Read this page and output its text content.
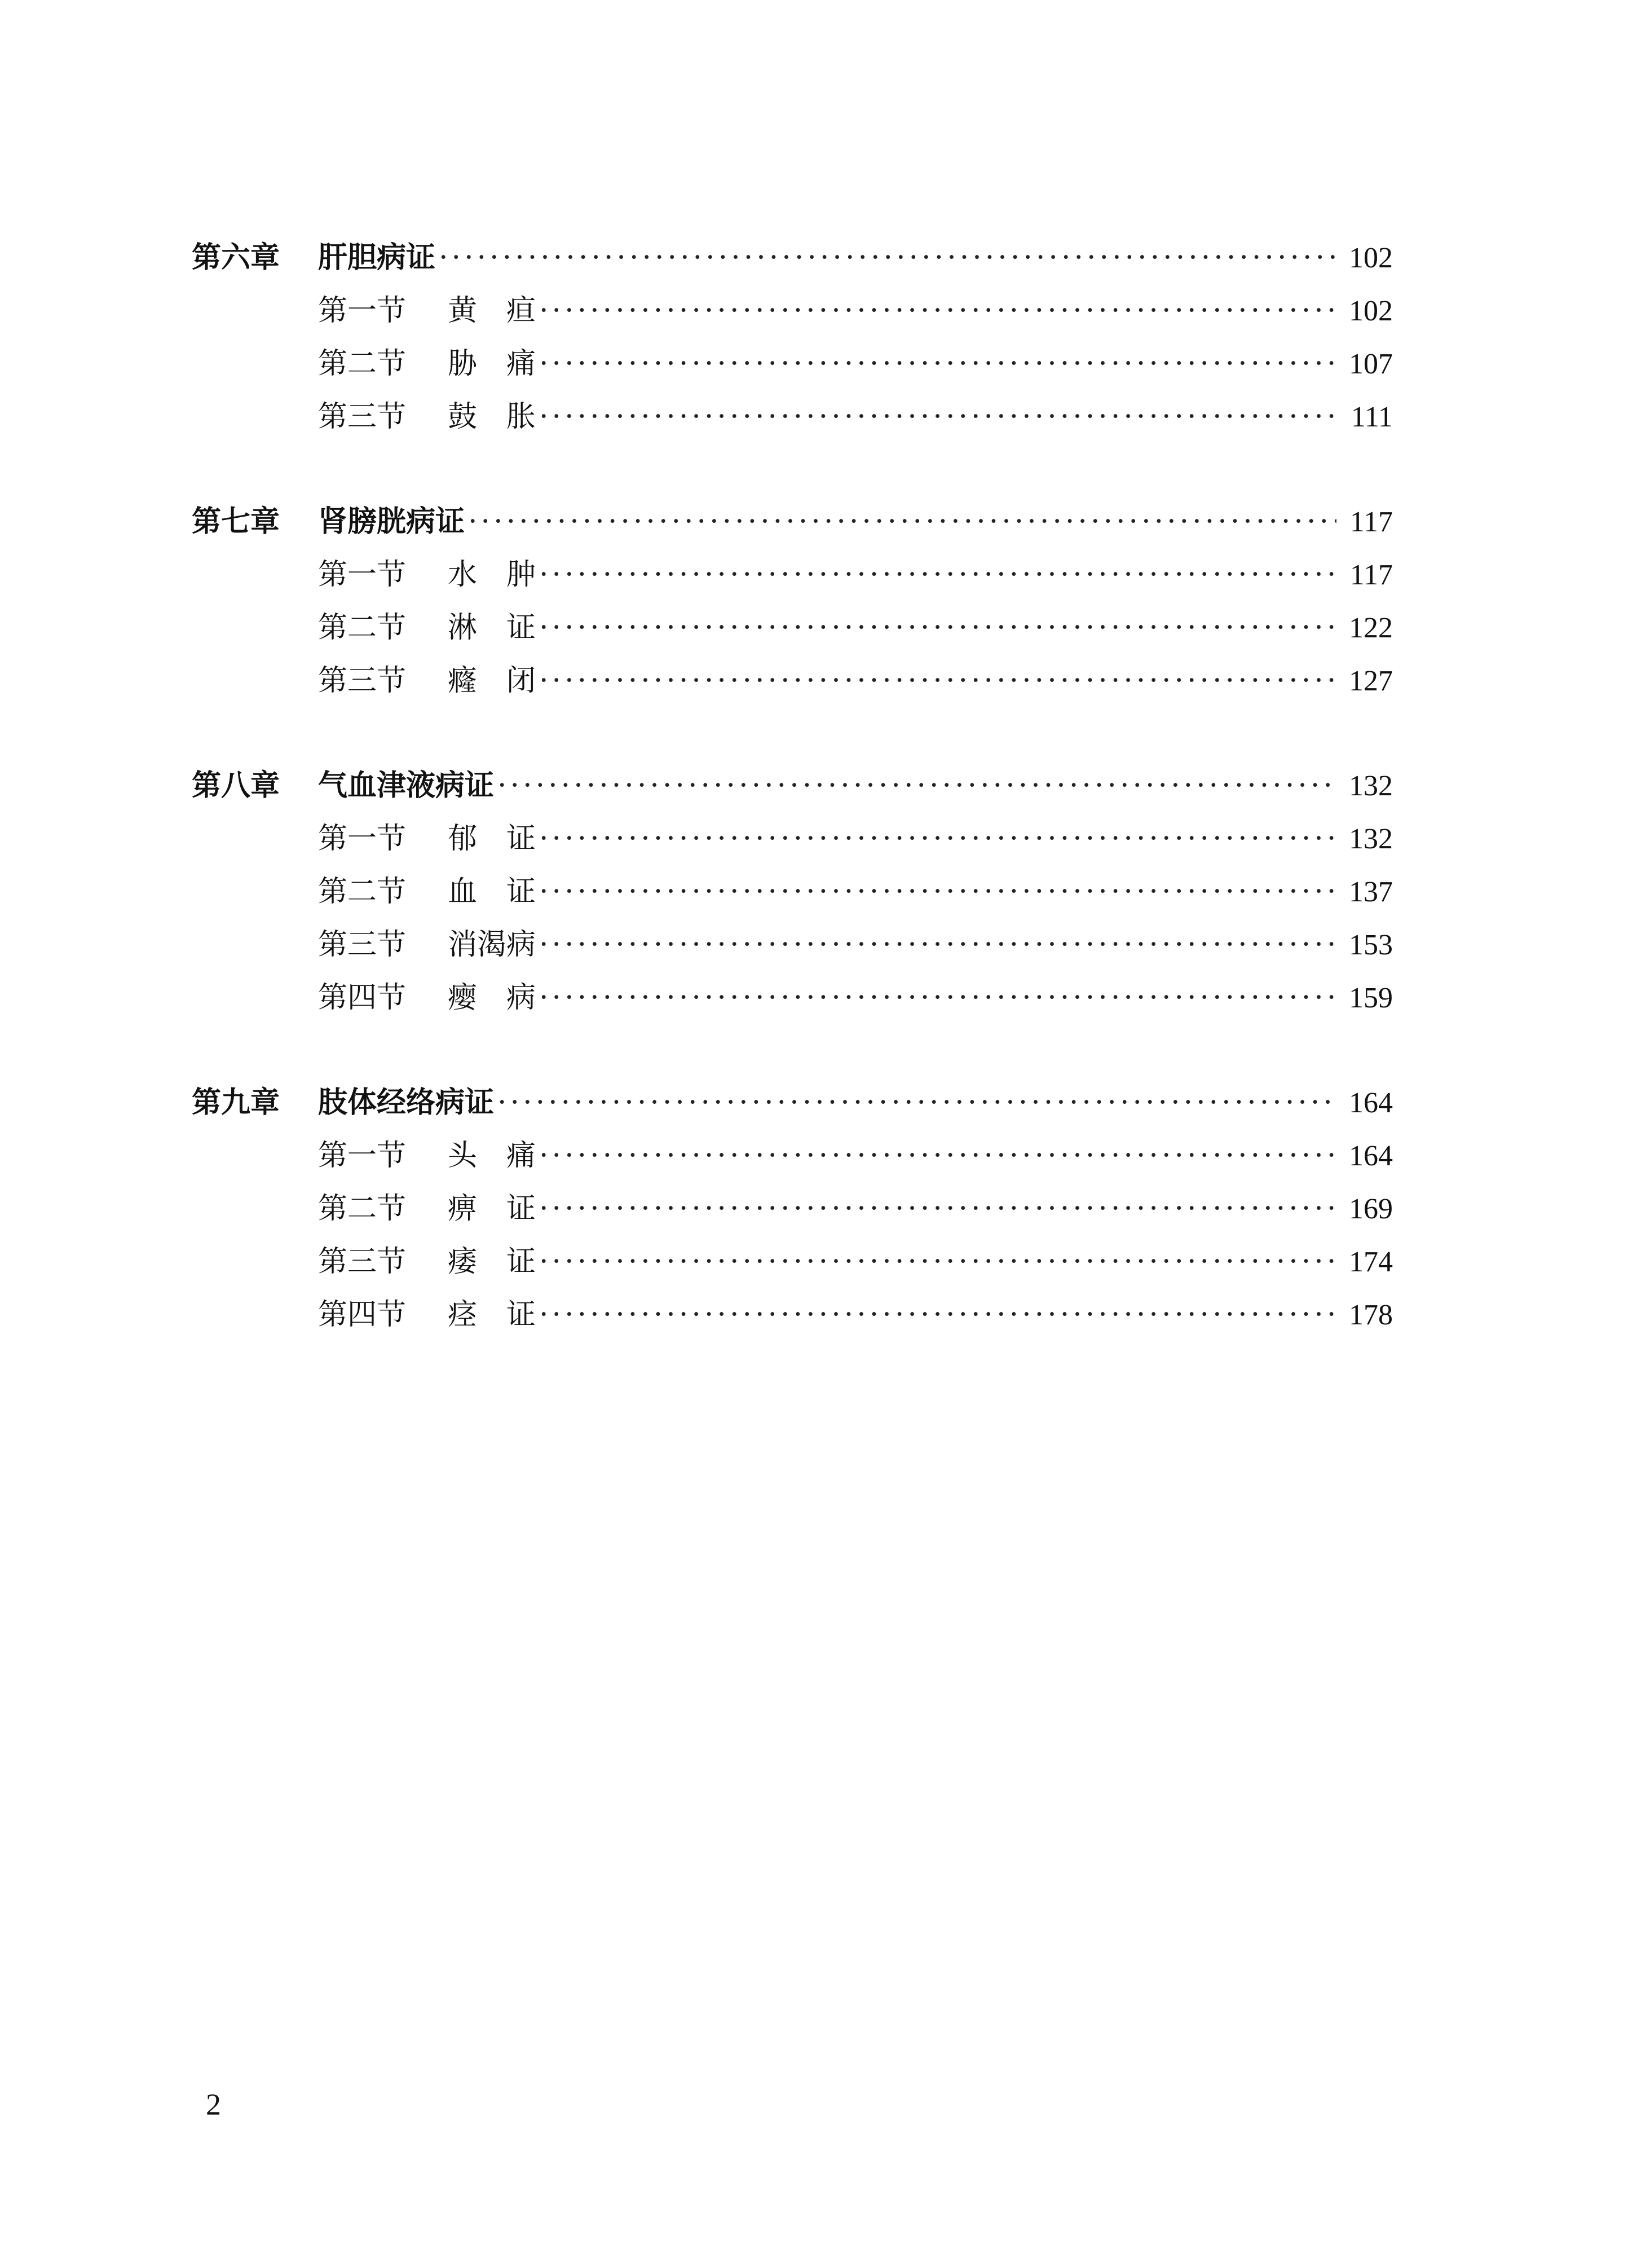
第六章	肝胆病证 ·····	102
第一节	黄　疸 ·····	102
第二节	胁　痛 ·····	107
第三节	鼓　胀 ·····	111
第七章	肾膀胱病证 ·····	117
第一节	水　肿 ·····	117
第二节	淋　证 ·····	122
第三节	癃　闭 ·····	127
第八章	气血津液病证 ·····	132
第一节	郁　证 ·····	132
第二节	血　证 ·····	137
第三节	消渴病 ·····	153
第四节	瘿　病 ·····	159
第九章	肢体经络病证 ·····	164
第一节	头　痛 ·····	164
第二节	痹　证 ·····	169
第三节	痿　证 ·····	174
第四节	痉　证 ·····	178
2
